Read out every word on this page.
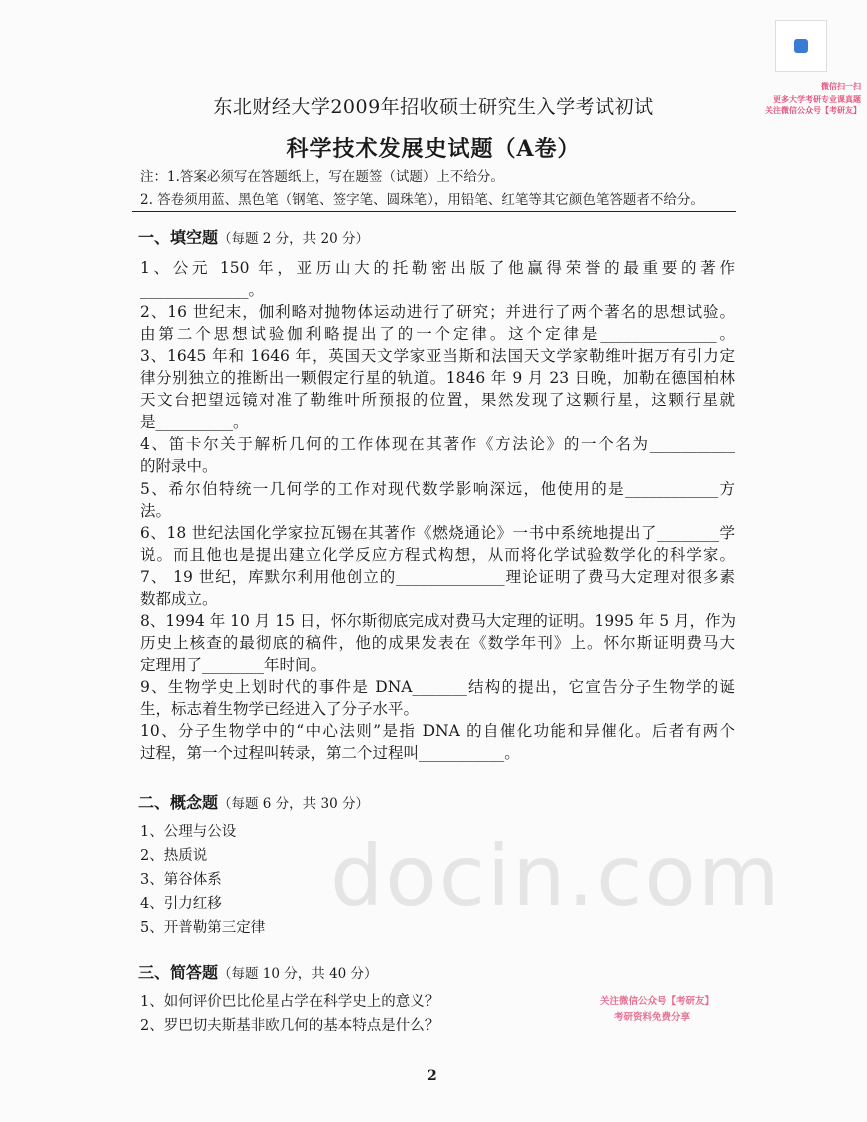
微信扫一扫
更多大学考研专业课真题
关注微信公众号【考研友】
东北财经大学2009年招收硕士研究生入学考试初试
科学技术发展史试题（A卷）
注：1.答案必须写在答题纸上，写在题签（试题）上不给分。
2. 答卷须用蓝、黑色笔（钢笔、签字笔、圆珠笔），用铅笔、红笔等其它颜色笔答题者不给分。
一、填空题（每题 2 分，共 20 分）
1、公元 150 年，亚历山大的托勒密出版了他赢得荣誉的最重要的著作
______________。
2、16 世纪末，伽利略对抛物体运动进行了研究；并进行了两个著名的思想试验。
由第二个思想试验伽利略提出了的一个定律。这个定律是_______________。
3、1645 年和 1646 年，英国天文学家亚当斯和法国天文学家勒维叶据万有引力定
律分别独立的推断出一颗假定行星的轨道。1846 年 9 月 23 日晚，加勒在德国柏林
天文台把望远镜对准了勒维叶所预报的位置，果然发现了这颗行星，这颗行星就
是__________。
4、笛卡尔关于解析几何的工作体现在其著作《方法论》的一个名为___________
的附录中。
5、希尔伯特统一几何学的工作对现代数学影响深远，他使用的是____________方
法。
6、18 世纪法国化学家拉瓦锡在其著作《燃烧通论》一书中系统地提出了________学
说。而且他也是提出建立化学反应方程式构想，从而将化学试验数学化的科学家。
7、 19 世纪，库默尔利用他创立的______________理论证明了费马大定理对很多素
数都成立。
8、1994 年 10 月 15 日，怀尔斯彻底完成对费马大定理的证明。1995 年 5 月，作为
历史上核查的最彻底的稿件，他的成果发表在《数学年刊》上。怀尔斯证明费马大
定理用了________年时间。
9、生物学史上划时代的事件是 DNA_______结构的提出，它宣告分子生物学的诞
生，标志着生物学已经进入了分子水平。
10、分子生物学中的“中心法则”是指 DNA 的自催化功能和异催化。后者有两个
过程，第一个过程叫转录，第二个过程叫___________。
二、概念题（每题 6 分，共 30 分）
1、公理与公设
2、热质说
3、第谷体系
4、引力红移
5、开普勒第三定律
三、简答题（每题 10 分，共 40 分）
1、如何评价巴比伦星占学在科学史上的意义？
2、罗巴切夫斯基非欧几何的基本特点是什么？
docin.com
关注微信公众号【考研友】
考研资料免费分享
2
